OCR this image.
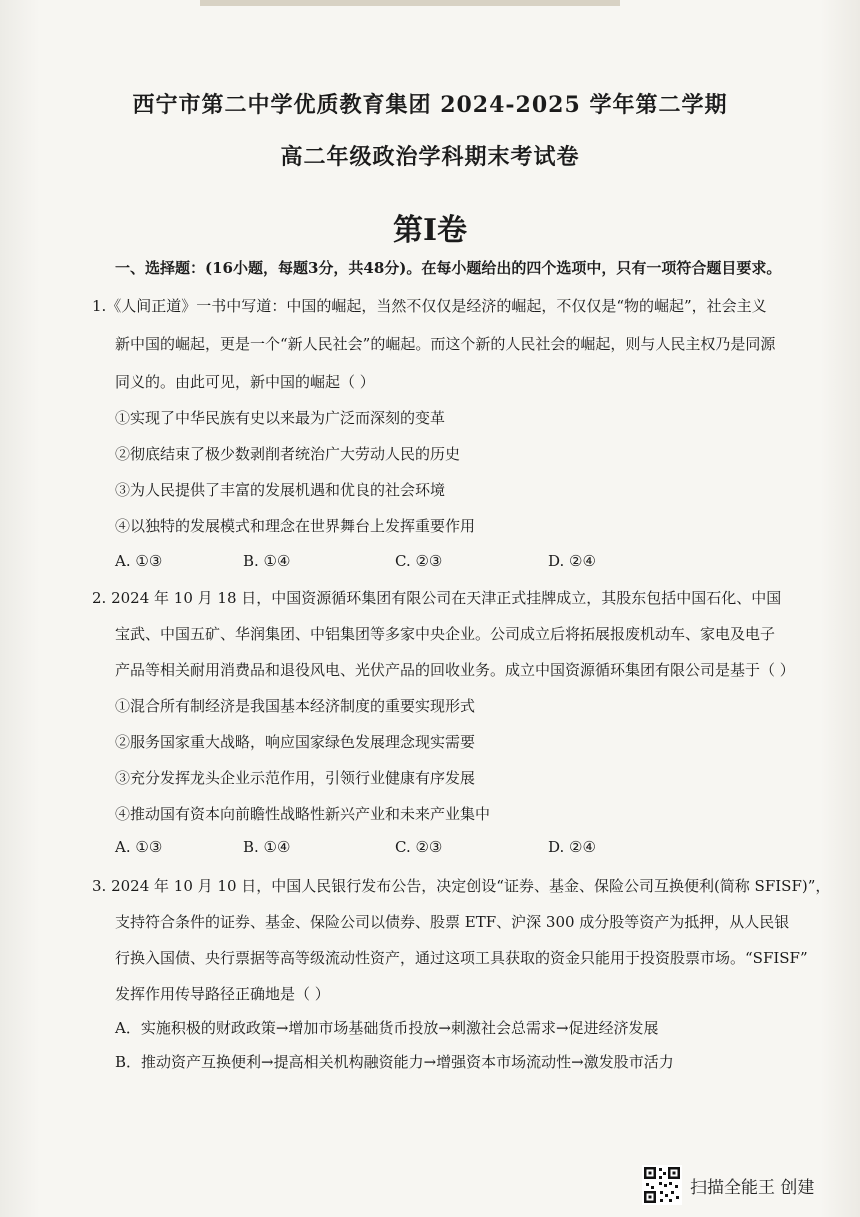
西宁市第二中学优质教育集团 2024-2025 学年第二学期
高二年级政治学科期末考试卷
第I卷
一、选择题：(16小题，每题3分，共48分)。在每小题给出的四个选项中，只有一项符合题目要求。
1.《人间正道》一书中写道：中国的崛起，当然不仅仅是经济的崛起，不仅仅是“物的崛起”，社会主义
新中国的崛起，更是一个“新人民社会”的崛起。而这个新的人民社会的崛起，则与人民主权乃是同源
同义的。由此可见，新中国的崛起（ ）
①实现了中华民族有史以来最为广泛而深刻的变革
②彻底结束了极少数剥削者统治广大劳动人民的历史
③为人民提供了丰富的发展机遇和优良的社会环境
④以独特的发展模式和理念在世界舞台上发挥重要作用
A. ①③	B. ①④	C. ②③	D. ②④
2. 2024 年 10 月 18 日，中国资源循环集团有限公司在天津正式挂牌成立，其股东包括中国石化、中国
宝武、中国五矿、华润集团、中铝集团等多家中央企业。公司成立后将拓展报废机动车、家电及电子
产品等相关耐用消费品和退役风电、光伏产品的回收业务。成立中国资源循环集团有限公司是基于（ ）
①混合所有制经济是我国基本经济制度的重要实现形式
②服务国家重大战略，响应国家绿色发展理念现实需要
③充分发挥龙头企业示范作用，引领行业健康有序发展
④推动国有资本向前瞻性战略性新兴产业和未来产业集中
A. ①③	B. ①④	C. ②③	D. ②④
3. 2024 年 10 月 10 日，中国人民银行发布公告，决定创设“证券、基金、保险公司互换便利(简称 SFISF)”，
支持符合条件的证券、基金、保险公司以债券、股票 ETF、沪深 300 成分股等资产为抵押，从人民银
行换入国债、央行票据等高等级流动性资产，通过这项工具获取的资金只能用于投资股票市场。“SFISF”
发挥作用传导路径正确地是（ ）
A．实施积极的财政政策→增加市场基础货币投放→刺激社会总需求→促进经济发展
B．推动资产互换便利→提高相关机构融资能力→增强资本市场流动性→激发股市活力
扫描全能王 创建
